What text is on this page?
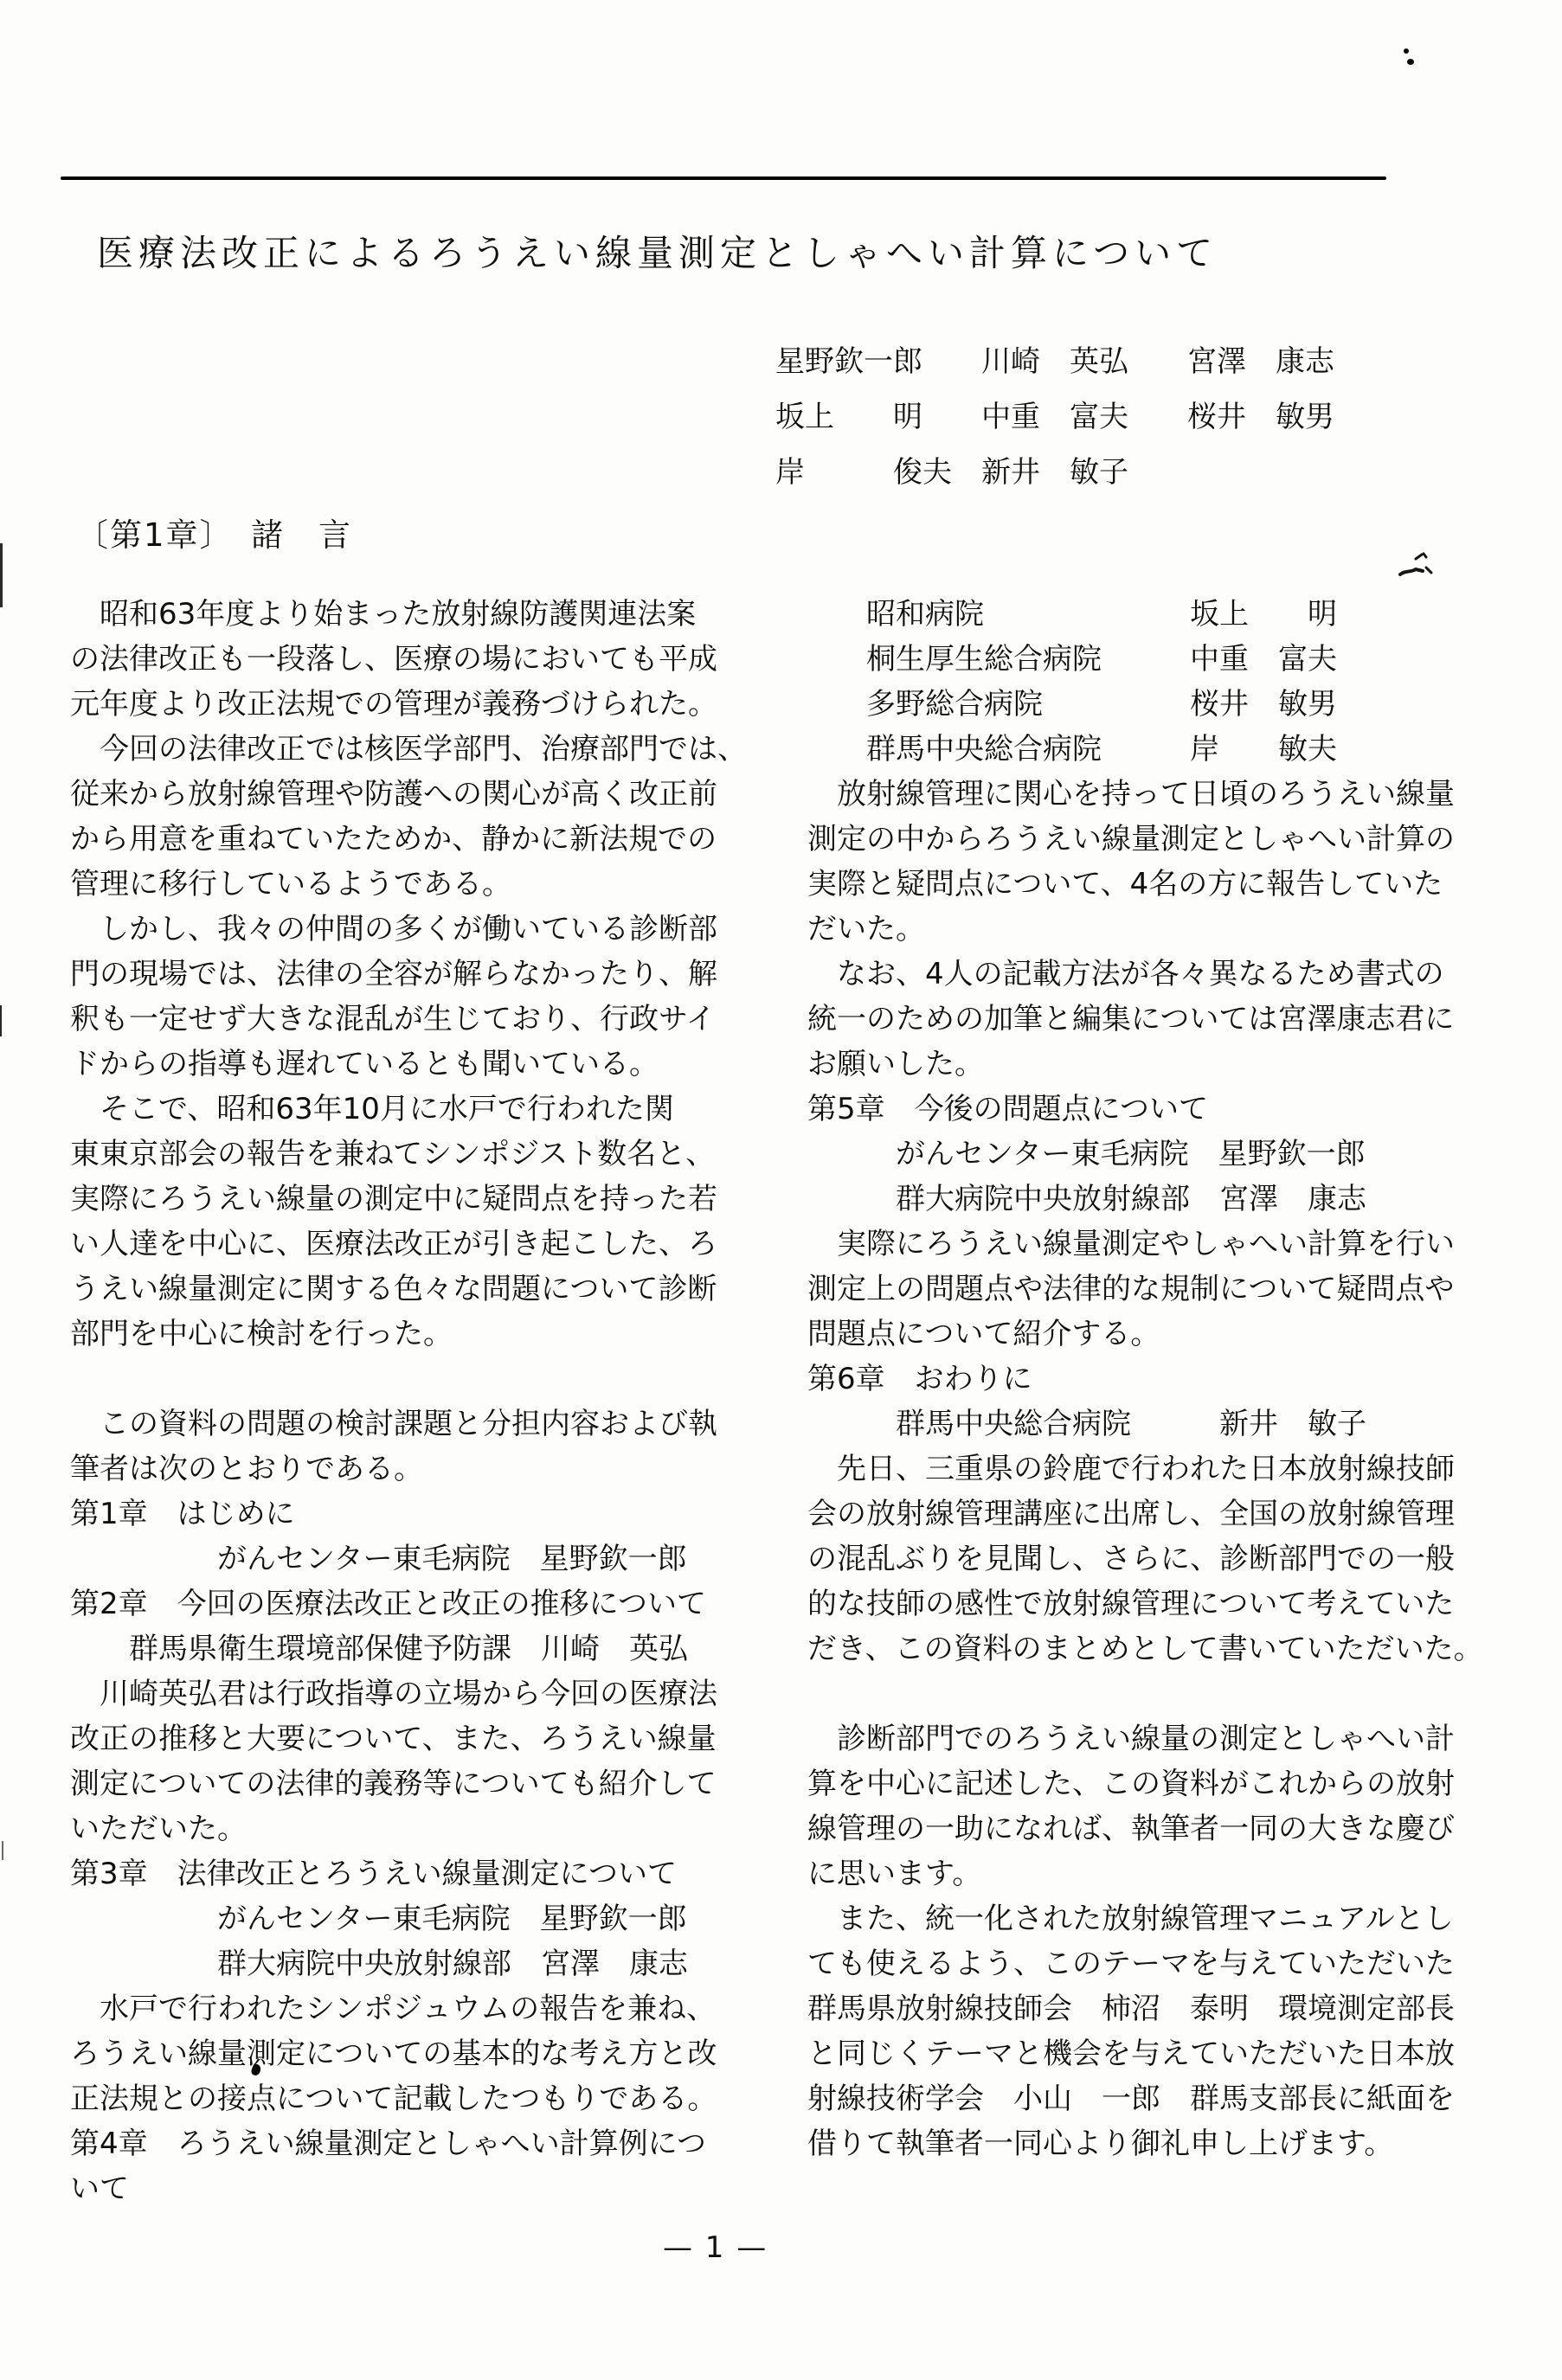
医療法改正によるろうえい線量測定としゃへい計算について
星野欽一郎　　川崎　英弘　　宮澤　康志
坂上　　明　　中重　富夫　　桜井　敏男
岸　　　俊夫　新井　敏子
〔第1章〕　諸　言
　昭和63年度より始まった放射線防護関連法案
の法律改正も一段落し、医療の場においても平成
元年度より改正法規での管理が義務づけられた。
　今回の法律改正では核医学部門、治療部門では、
従来から放射線管理や防護への関心が高く改正前
から用意を重ねていたためか、静かに新法規での
管理に移行しているようである。
　しかし、我々の仲間の多くが働いている診断部
門の現場では、法律の全容が解らなかったり、解
釈も一定せず大きな混乱が生じており、行政サイ
ドからの指導も遅れているとも聞いている。
　そこで、昭和63年10月に水戸で行われた関
東東京部会の報告を兼ねてシンポジスト数名と、
実際にろうえい線量の測定中に疑問点を持った若
い人達を中心に、医療法改正が引き起こした、ろ
うえい線量測定に関する色々な問題について診断
部門を中心に検討を行った。
　この資料の問題の検討課題と分担内容および執
筆者は次のとおりである。
第1章　はじめに
　　　　　がんセンター東毛病院　星野欽一郎
第2章　今回の医療法改正と改正の推移について
　　群馬県衛生環境部保健予防課　川崎　英弘
　川崎英弘君は行政指導の立場から今回の医療法
改正の推移と大要について、また、ろうえい線量
測定についての法律的義務等についても紹介して
いただいた。
第3章　法律改正とろうえい線量測定について
　　　　　がんセンター東毛病院　星野欽一郎
　　　　　群大病院中央放射線部　宮澤　康志
　水戸で行われたシンポジュウムの報告を兼ね、
ろうえい線量測定についての基本的な考え方と改
正法規との接点について記載したつもりである。
第4章　ろうえい線量測定としゃへい計算例につ
いて
　　昭和病院　　　　　　　坂上　　明
　　桐生厚生総合病院　　　中重　富夫
　　多野総合病院　　　　　桜井　敏男
　　群馬中央総合病院　　　岸　　敏夫
　放射線管理に関心を持って日頃のろうえい線量
測定の中からろうえい線量測定としゃへい計算の
実際と疑問点について、4名の方に報告していた
だいた。
　なお、4人の記載方法が各々異なるため書式の
統一のための加筆と編集については宮澤康志君に
お願いした。
第5章　今後の問題点について
　　　がんセンター東毛病院　星野欽一郎
　　　群大病院中央放射線部　宮澤　康志
　実際にろうえい線量測定やしゃへい計算を行い
測定上の問題点や法律的な規制について疑問点や
問題点について紹介する。
第6章　おわりに
　　　群馬中央総合病院　　　新井　敏子
　先日、三重県の鈴鹿で行われた日本放射線技師
会の放射線管理講座に出席し、全国の放射線管理
の混乱ぶりを見聞し、さらに、診断部門での一般
的な技師の感性で放射線管理について考えていた
だき、この資料のまとめとして書いていただいた。
　診断部門でのろうえい線量の測定としゃへい計
算を中心に記述した、この資料がこれからの放射
線管理の一助になれば、執筆者一同の大きな慶び
に思います。
　また、統一化された放射線管理マニュアルとし
ても使えるよう、このテーマを与えていただいた
群馬県放射線技師会　柿沼　泰明　環境測定部長
と同じくテーマと機会を与えていただいた日本放
射線技術学会　小山　一郎　群馬支部長に紙面を
借りて執筆者一同心より御礼申し上げます。
— 1 —
